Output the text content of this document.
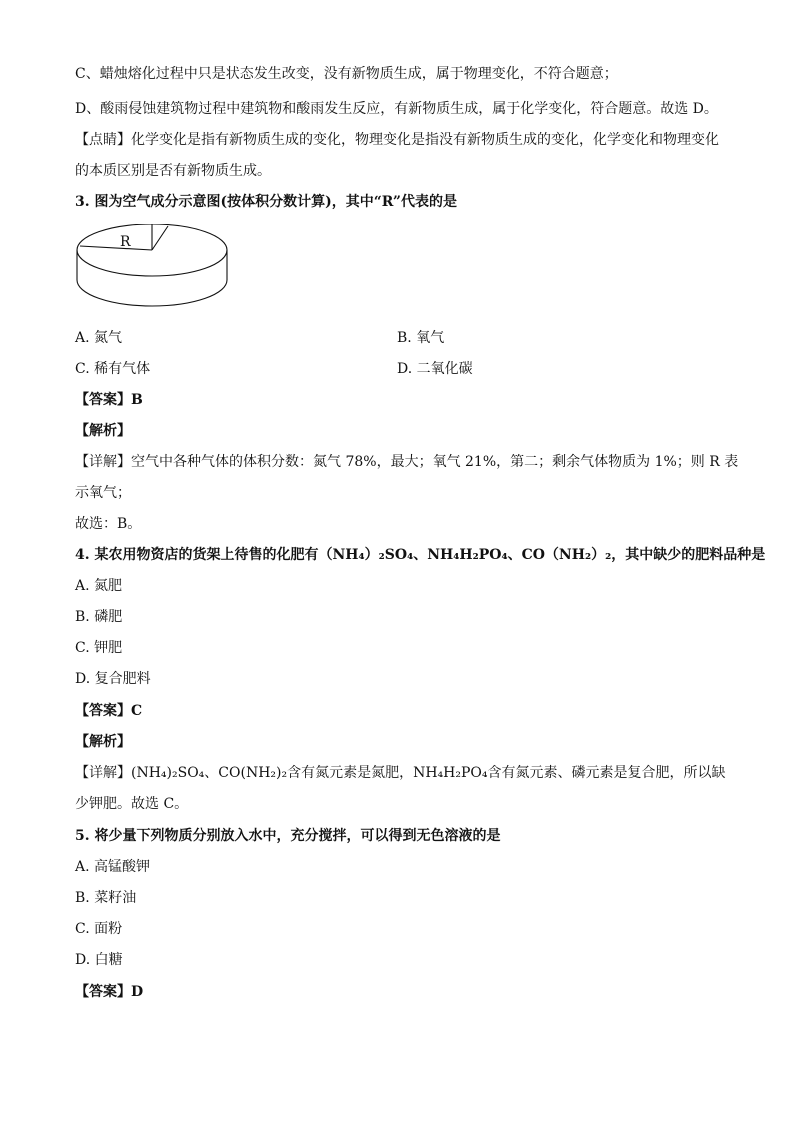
C、蜡烛熔化过程中只是状态发生改变，没有新物质生成，属于物理变化，不符合题意；
D、酸雨侵蚀建筑物过程中建筑物和酸雨发生反应，有新物质生成，属于化学变化，符合题意。故选 D。
【点睛】化学变化是指有新物质生成的变化，物理变化是指没有新物质生成的变化，化学变化和物理变化
的本质区别是否有新物质生成。
3. 图为空气成分示意图(按体积分数计算)，其中“R”代表的是
R
A. 氮气	B. 氧气
C. 稀有气体	D. 二氧化碳
【答案】B
【解析】
【详解】空气中各种气体的体积分数：氮气 78%，最大；氧气 21%，第二；剩余气体物质为 1%；则 R 表
示氧气；
故选：B。
4. 某农用物资店的货架上待售的化肥有（NH₄）₂SO₄、NH₄H₂PO₄、CO（NH₂）₂，其中缺少的肥料品种是
A. 氮肥
B. 磷肥
C. 钾肥
D. 复合肥料
【答案】C
【解析】
【详解】(NH₄)₂SO₄、CO(NH₂)₂含有氮元素是氮肥，NH₄H₂PO₄含有氮元素、磷元素是复合肥，所以缺
少钾肥。故选 C。
5. 将少量下列物质分别放入水中，充分搅拌，可以得到无色溶液的是
A. 高锰酸钾
B. 菜籽油
C. 面粉
D. 白糖
【答案】D
